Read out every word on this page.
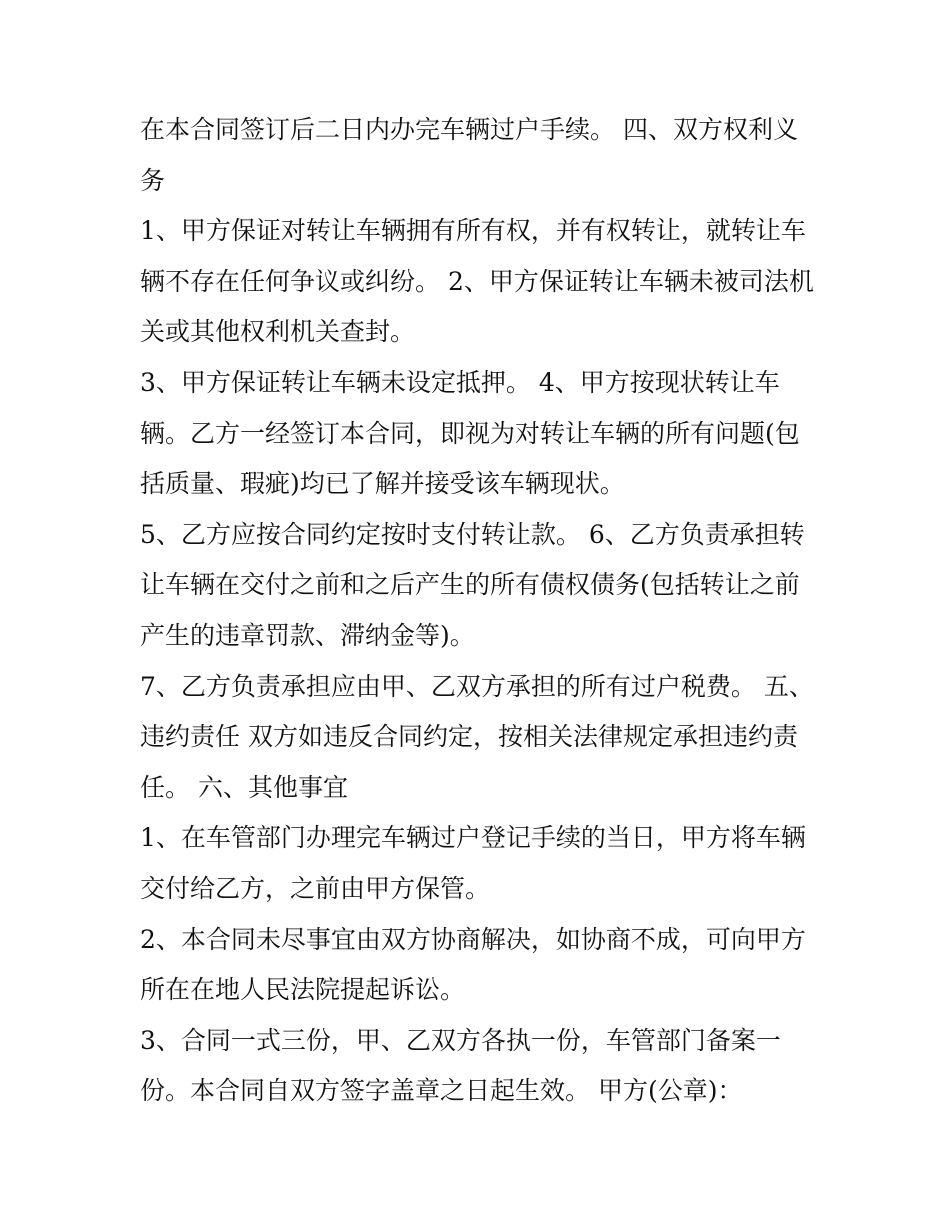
在本合同签订后二日内办完车辆过户手续。 四、双方权利义
务
1、甲方保证对转让车辆拥有所有权，并有权转让，就转让车
辆不存在任何争议或纠纷。 2、甲方保证转让车辆未被司法机
关或其他权利机关查封。
3、甲方保证转让车辆未设定抵押。 4、甲方按现状转让车
辆。乙方一经签订本合同，即视为对转让车辆的所有问题(包
括质量、瑕疵)均已了解并接受该车辆现状。
5、乙方应按合同约定按时支付转让款。 6、乙方负责承担转
让车辆在交付之前和之后产生的所有债权债务(包括转让之前
产生的违章罚款、滞纳金等)。
7、乙方负责承担应由甲、乙双方承担的所有过户税费。 五、
违约责任 双方如违反合同约定，按相关法律规定承担违约责
任。 六、其他事宜
1、在车管部门办理完车辆过户登记手续的当日，甲方将车辆
交付给乙方，之前由甲方保管。
2、本合同未尽事宜由双方协商解决，如协商不成，可向甲方
所在在地人民法院提起诉讼。
3、合同一式三份，甲、乙双方各执一份，车管部门备案一
份。本合同自双方签字盖章之日起生效。 甲方(公章)：
